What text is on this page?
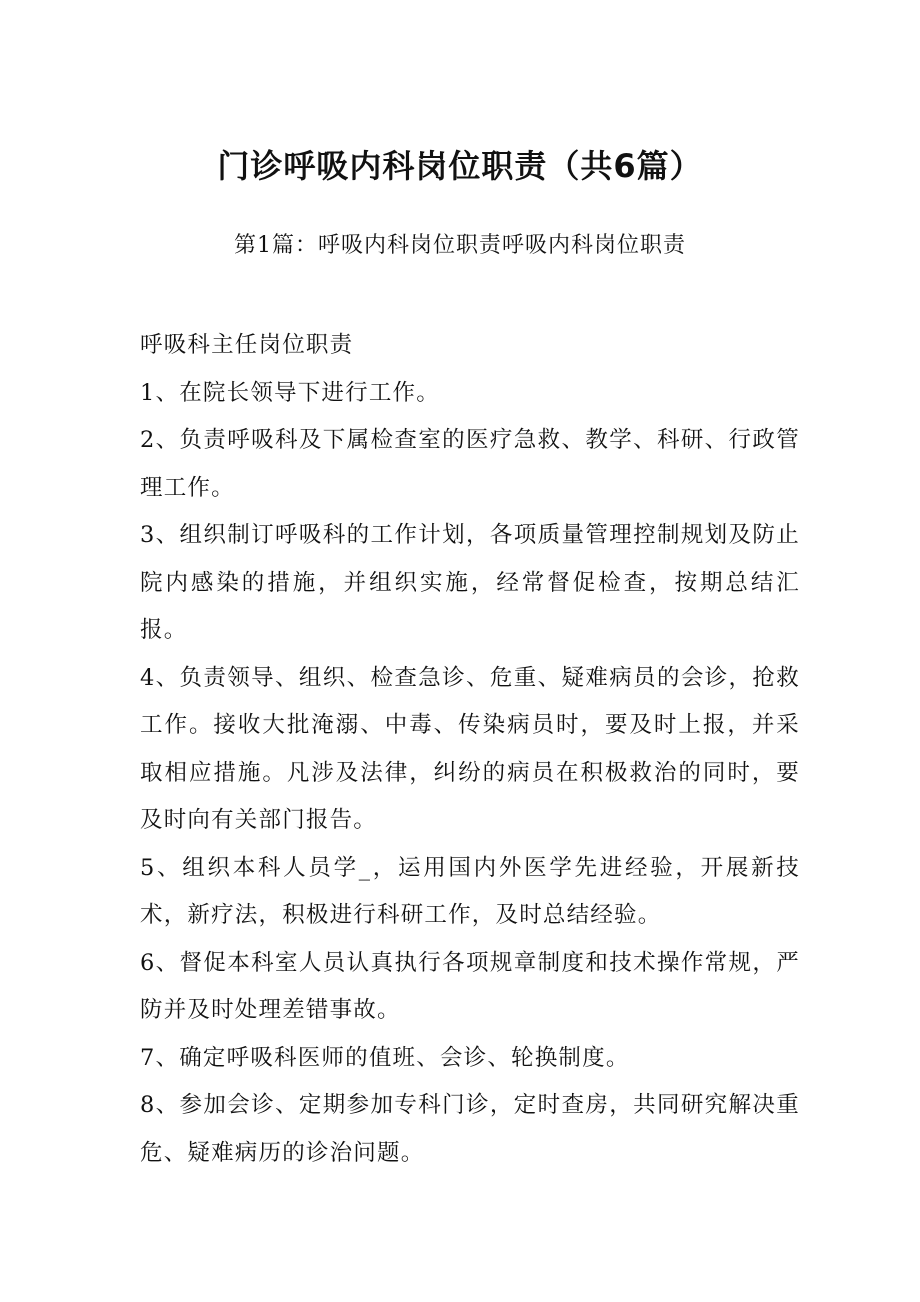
门诊呼吸内科岗位职责（共6篇）
第1篇：呼吸内科岗位职责呼吸内科岗位职责

呼吸科主任岗位职责

1、在院长领导下进行工作。

2、负责呼吸科及下属检查室的医疗急救、教学、科研、行政管理工作。

3、组织制订呼吸科的工作计划，各项质量管理控制规划及防止院内感染的措施，并组织实施，经常督促检查，按期总结汇报。

4、负责领导、组织、检查急诊、危重、疑难病员的会诊，抢救工作。接收大批淹溺、中毒、传染病员时，要及时上报，并采取相应措施。凡涉及法律，纠纷的病员在积极救治的同时，要及时向有关部门报告。

5、组织本科人员学_，运用国内外医学先进经验，开展新技术，新疗法，积极进行科研工作，及时总结经验。

6、督促本科室人员认真执行各项规章制度和技术操作常规，严防并及时处理差错事故。

7、确定呼吸科医师的值班、会诊、轮换制度。

8、参加会诊、定期参加专科门诊，定时查房，共同研究解决重危、疑难病历的诊治问题。
